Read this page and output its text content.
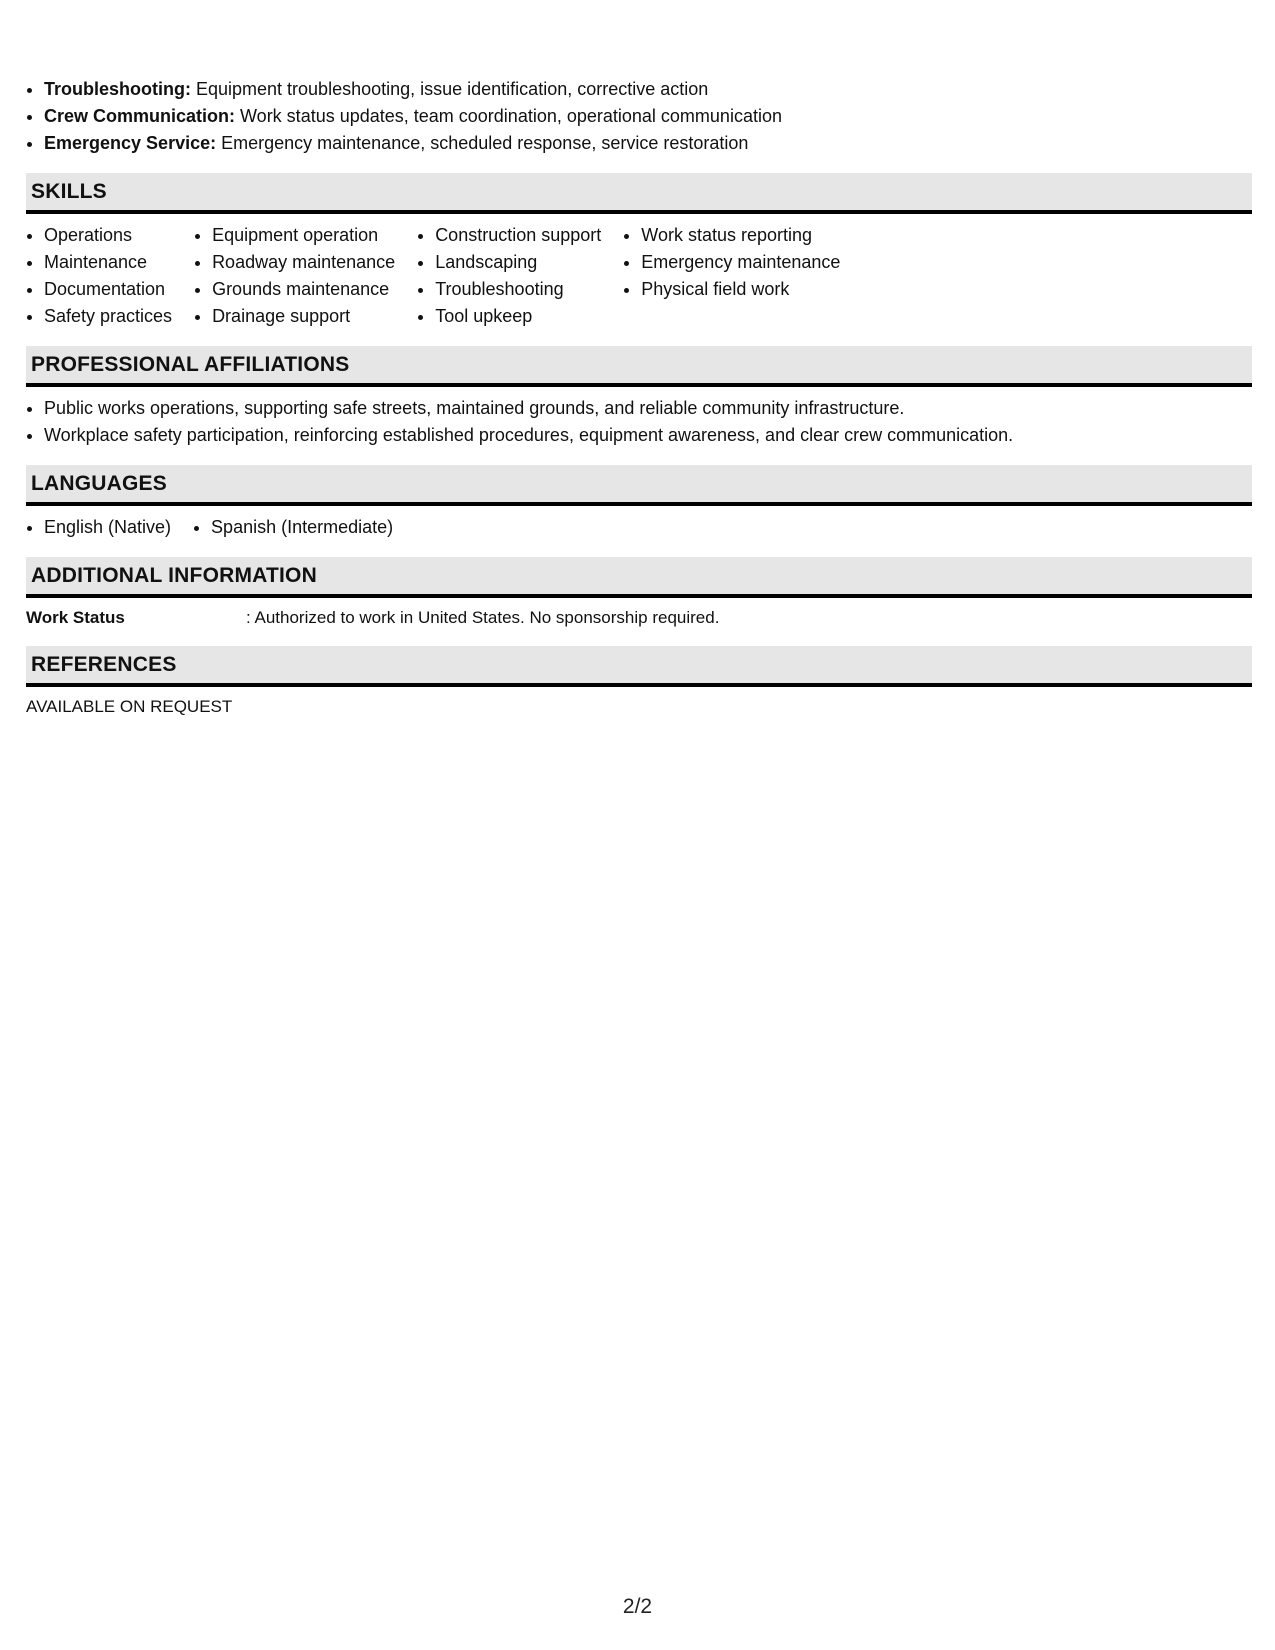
• Troubleshooting: Equipment troubleshooting, issue identification, corrective action
• Crew Communication: Work status updates, team coordination, operational communication
• Emergency Service: Emergency maintenance, scheduled response, service restoration
SKILLS
• Operations
• Maintenance
• Documentation
• Safety practices
• Equipment operation
• Roadway maintenance
• Grounds maintenance
• Drainage support
• Construction support
• Landscaping
• Troubleshooting
• Tool upkeep
• Work status reporting
• Emergency maintenance
• Physical field work
PROFESSIONAL AFFILIATIONS
• Public works operations, supporting safe streets, maintained grounds, and reliable community infrastructure.
• Workplace safety participation, reinforcing established procedures, equipment awareness, and clear crew communication.
LANGUAGES
• English (Native)
• Spanish (Intermediate)
ADDITIONAL INFORMATION
Work Status	: Authorized to work in United States. No sponsorship required.
REFERENCES
AVAILABLE ON REQUEST
2/2
